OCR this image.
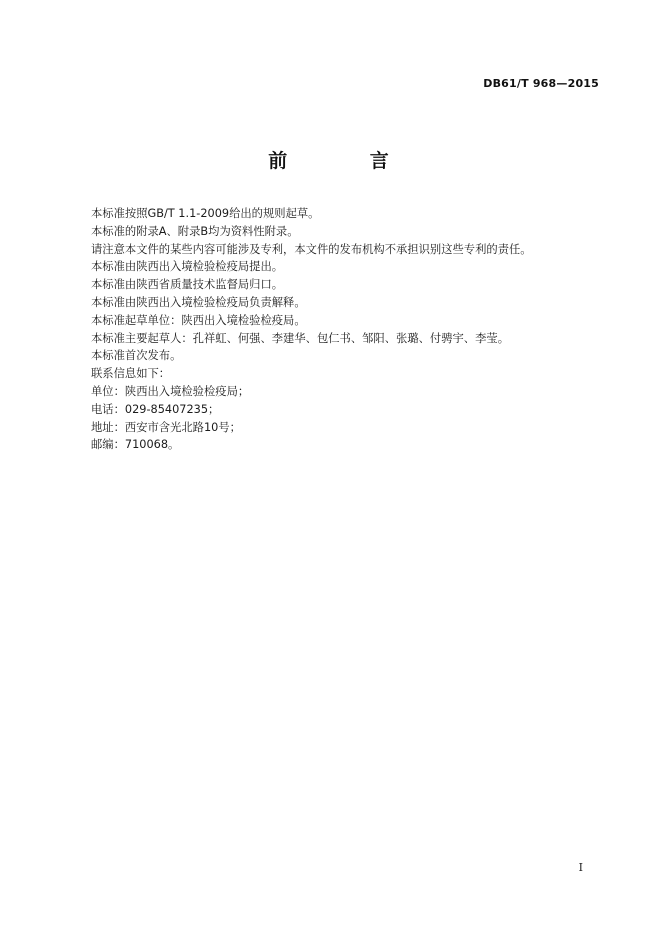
DB61/T 968—2015
前 言
本标准按照GB/T 1.1-2009给出的规则起草。
本标准的附录A、附录B均为资料性附录。
请注意本文件的某些内容可能涉及专利，本文件的发布机构不承担识别这些专利的责任。
本标准由陕西出入境检验检疫局提出。
本标准由陕西省质量技术监督局归口。
本标准由陕西出入境检验检疫局负责解释。
本标准起草单位：陕西出入境检验检疫局。
本标准主要起草人：孔祥虹、何强、李建华、包仁书、邹阳、张璐、付骋宇、李莹。
本标准首次发布。
联系信息如下：
单位：陕西出入境检验检疫局；
电话：029-85407235；
地址：西安市含光北路10号；
邮编：710068。
I
